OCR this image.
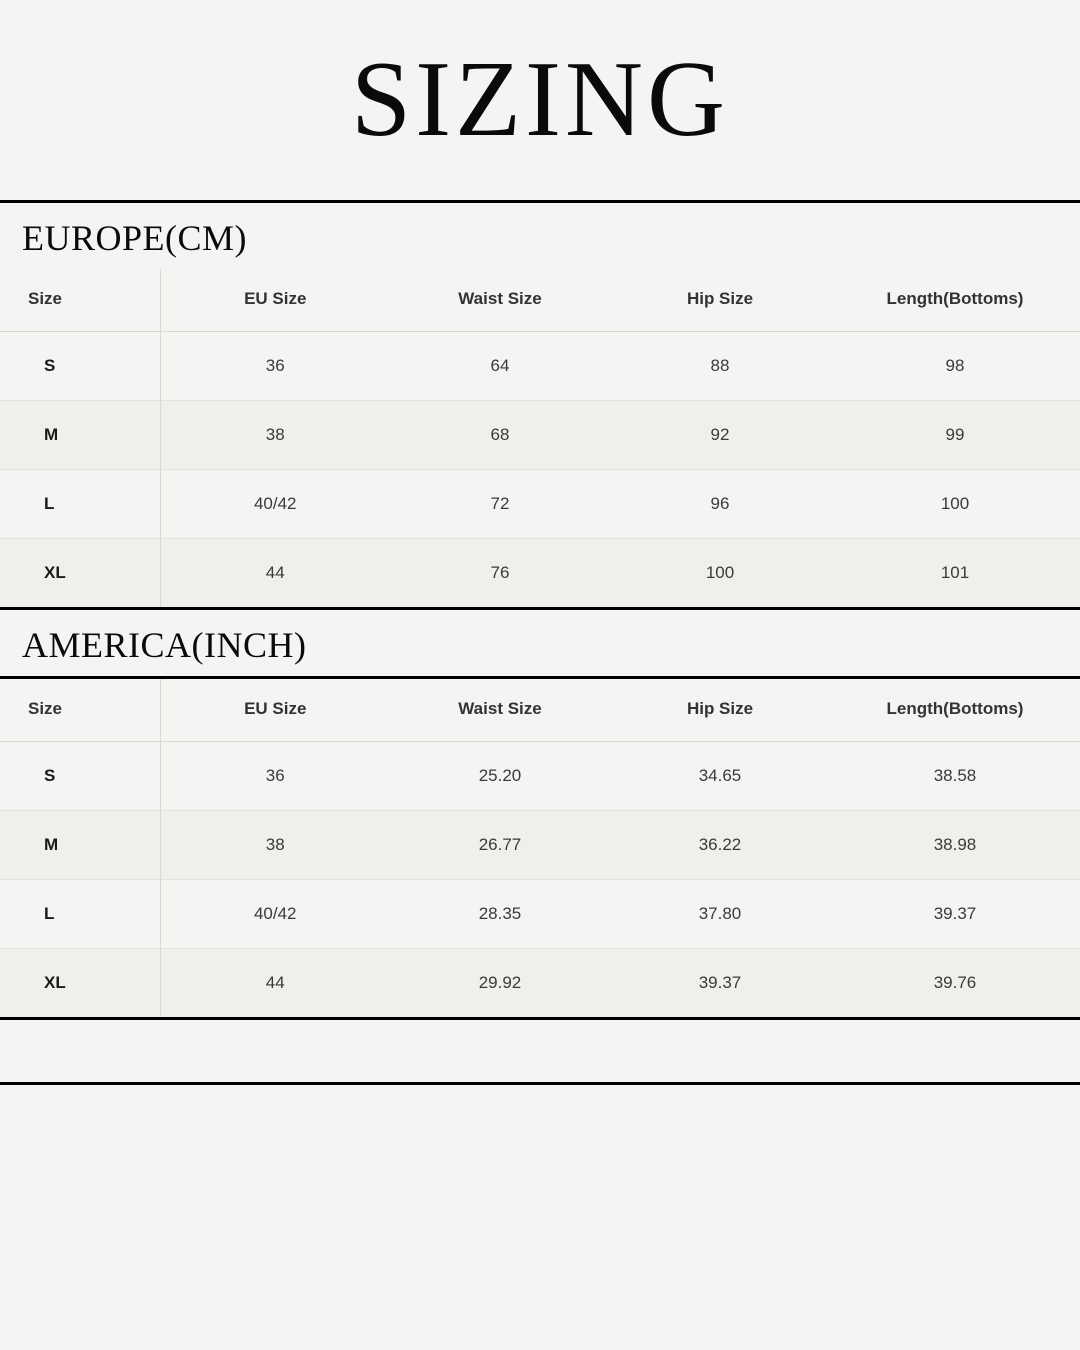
SIZING
EUROPE(CM)
Size	EU Size	Waist Size	Hip Size	Length(Bottoms)
S	36	64	88	98
M	38	68	92	99
L	40/42	72	96	100
XL	44	76	100	101
AMERICA(INCH)
Size	EU Size	Waist Size	Hip Size	Length(Bottoms)
S	36	25.20	34.65	38.58
M	38	26.77	36.22	38.98
L	40/42	28.35	37.80	39.37
XL	44	29.92	39.37	39.76
